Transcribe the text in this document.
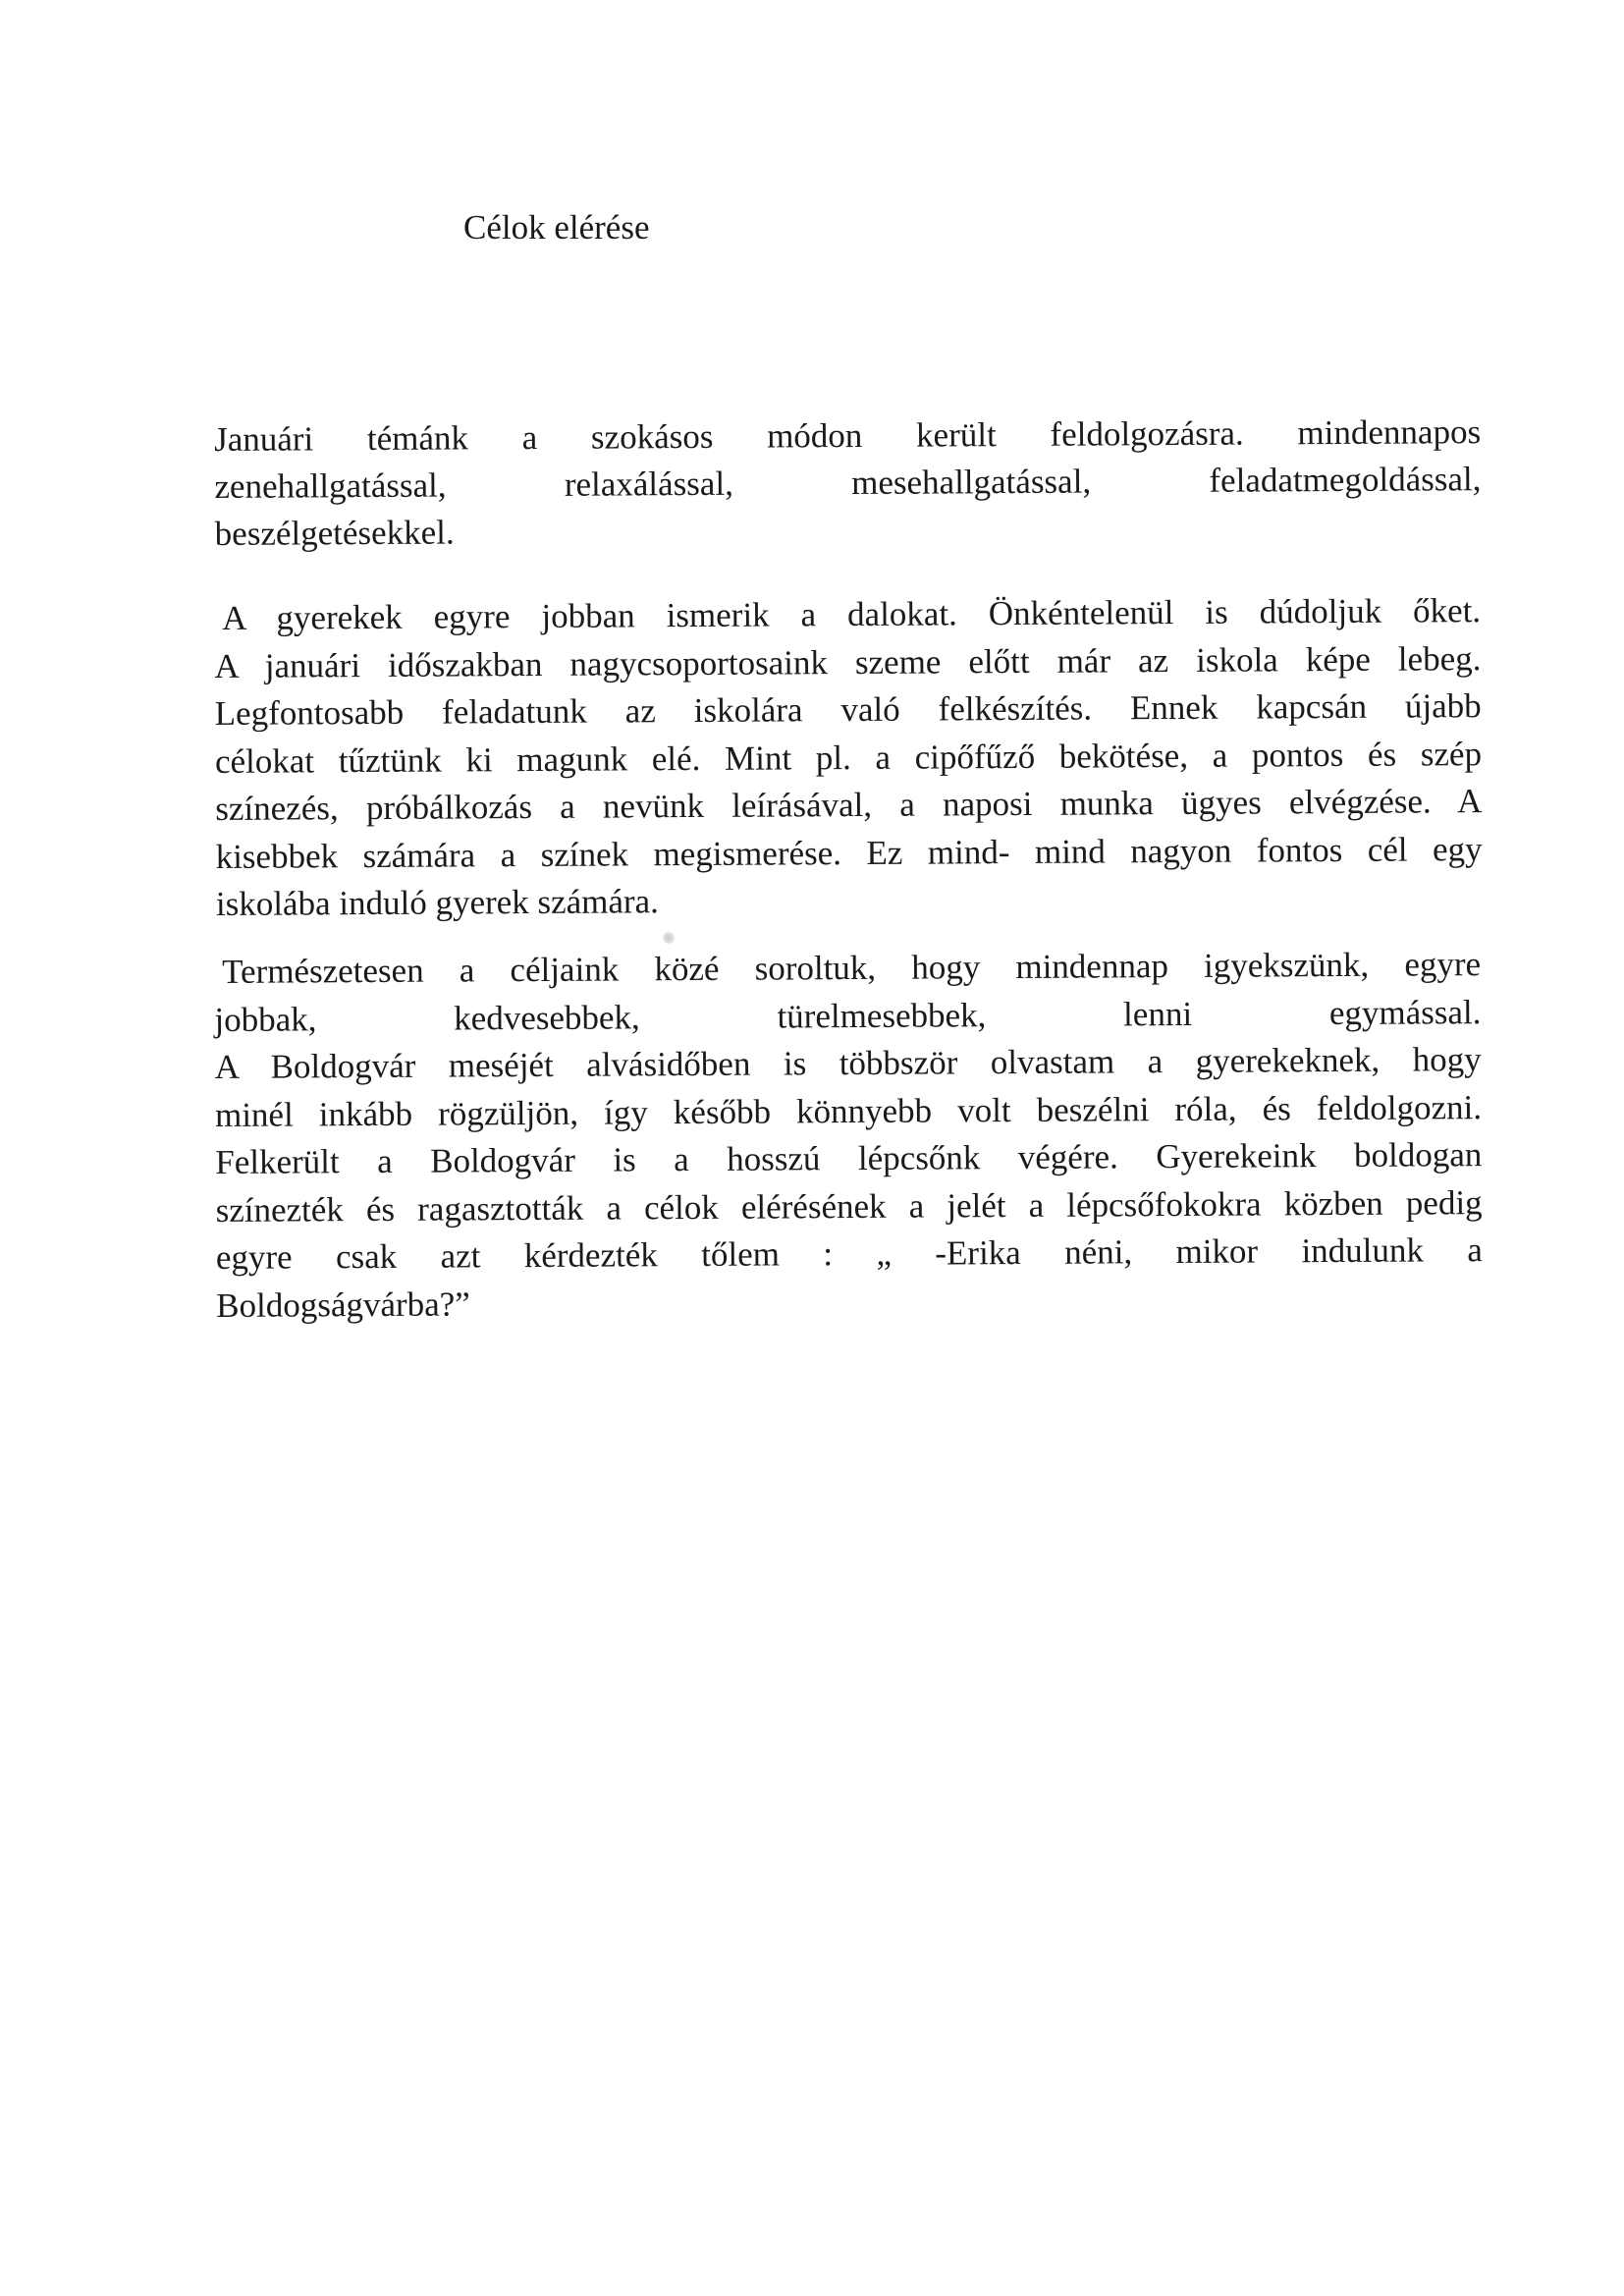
Célok elérése
Januári témánk a szokásos módon került feldolgozásra. mindennapos
zenehallgatással, relaxálással, mesehallgatással, feladatmegoldással,
beszélgetésekkel.
A gyerekek egyre jobban ismerik a dalokat. Önkéntelenül is dúdoljuk őket.
A januári időszakban nagycsoportosaink szeme előtt már az iskola képe lebeg.
Legfontosabb feladatunk az iskolára való felkészítés. Ennek kapcsán újabb
célokat tűztünk ki magunk elé. Mint pl. a cipőfűző bekötése, a pontos és szép
színezés, próbálkozás a nevünk leírásával, a naposi munka ügyes elvégzése. A
kisebbek számára a színek megismerése. Ez mind- mind nagyon fontos cél egy
iskolába induló gyerek számára.
Természetesen a céljaink közé soroltuk, hogy mindennap igyekszünk, egyre
jobbak, kedvesebbek, türelmesebbek, lenni egymással.
A Boldogvár meséjét alvásidőben is többször olvastam a gyerekeknek, hogy
minél inkább rögzüljön, így később könnyebb volt beszélni róla, és feldolgozni.
Felkerült a Boldogvár is a hosszú lépcsőnk végére. Gyerekeink boldogan
színezték és ragasztották a célok elérésének a jelét a lépcsőfokokra közben pedig
egyre csak azt kérdezték tőlem : „ -Erika néni, mikor indulunk a
Boldogságvárba?”
